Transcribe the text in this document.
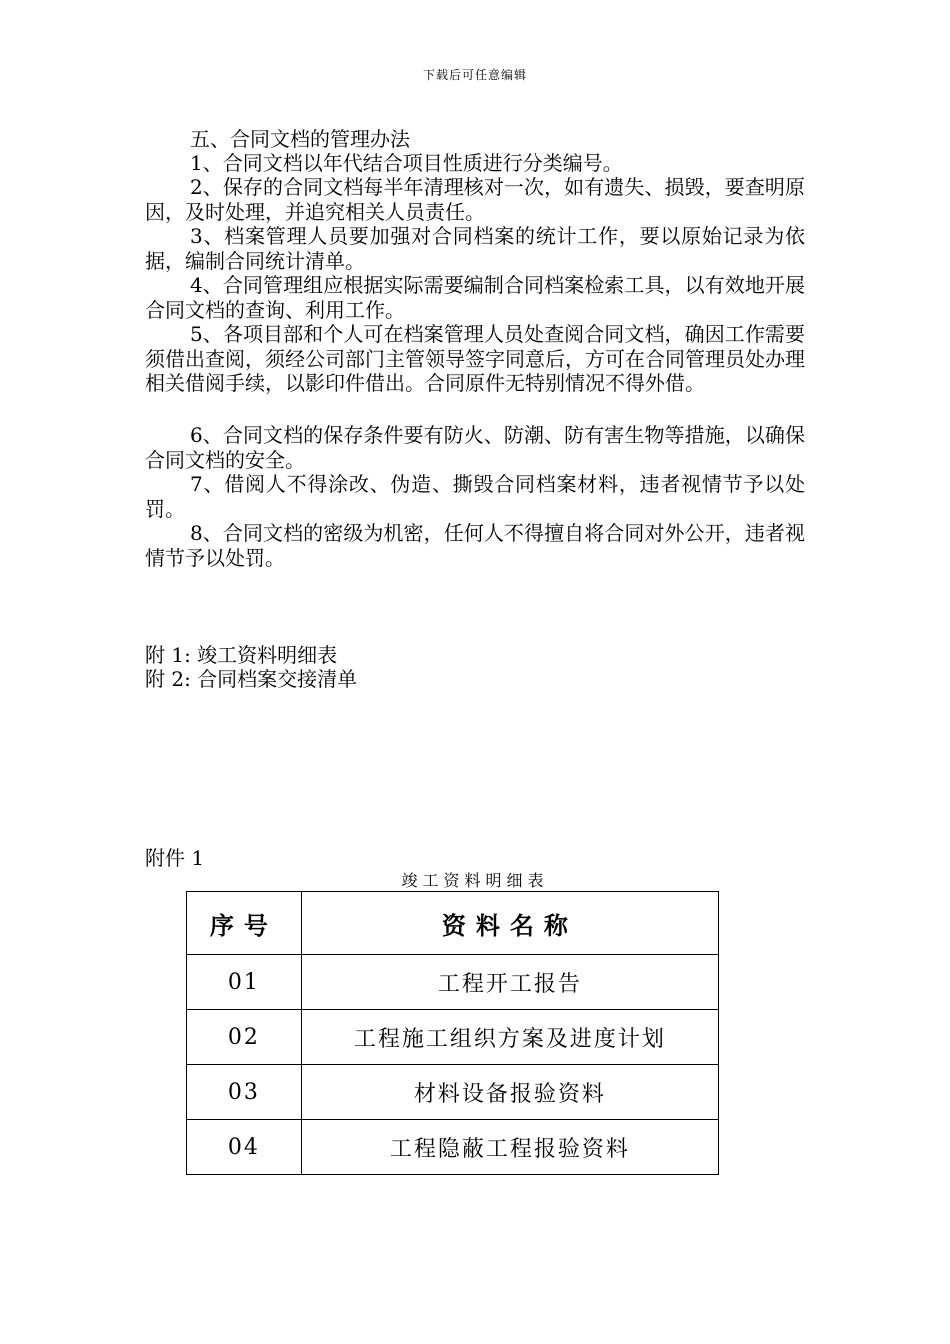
下载后可任意编辑
五、合同文档的管理办法

1、合同文档以年代结合项目性质进行分类编号。

2、保存的合同文档每半年清理核对一次，如有遗失、损毁，要查明原因，及时处理，并追究相关人员责任。

3、档案管理人员要加强对合同档案的统计工作，要以原始记录为依据，编制合同统计清单。

4、合同管理组应根据实际需要编制合同档案检索工具，以有效地开展合同文档的查询、利用工作。

5、各项目部和个人可在档案管理人员处查阅合同文档，确因工作需要须借出查阅，须经公司部门主管领导签字同意后，方可在合同管理员处办理相关借阅手续，以影印件借出。合同原件无特别情况不得外借。

6、合同文档的保存条件要有防火、防潮、防有害生物等措施，以确保合同文档的安全。

7、借阅人不得涂改、伪造、撕毁合同档案材料，违者视情节予以处罚。

8、合同文档的密级为机密，任何人不得擅自将合同对外公开，违者视情节予以处罚。

附 1: 竣工资料明细表
附 2: 合同档案交接清单
附件 1
竣工资料明细表
序号	资料名称
01	工程开工报告
02	工程施工组织方案及进度计划
03	材料设备报验资料
04	工程隐蔽工程报验资料
